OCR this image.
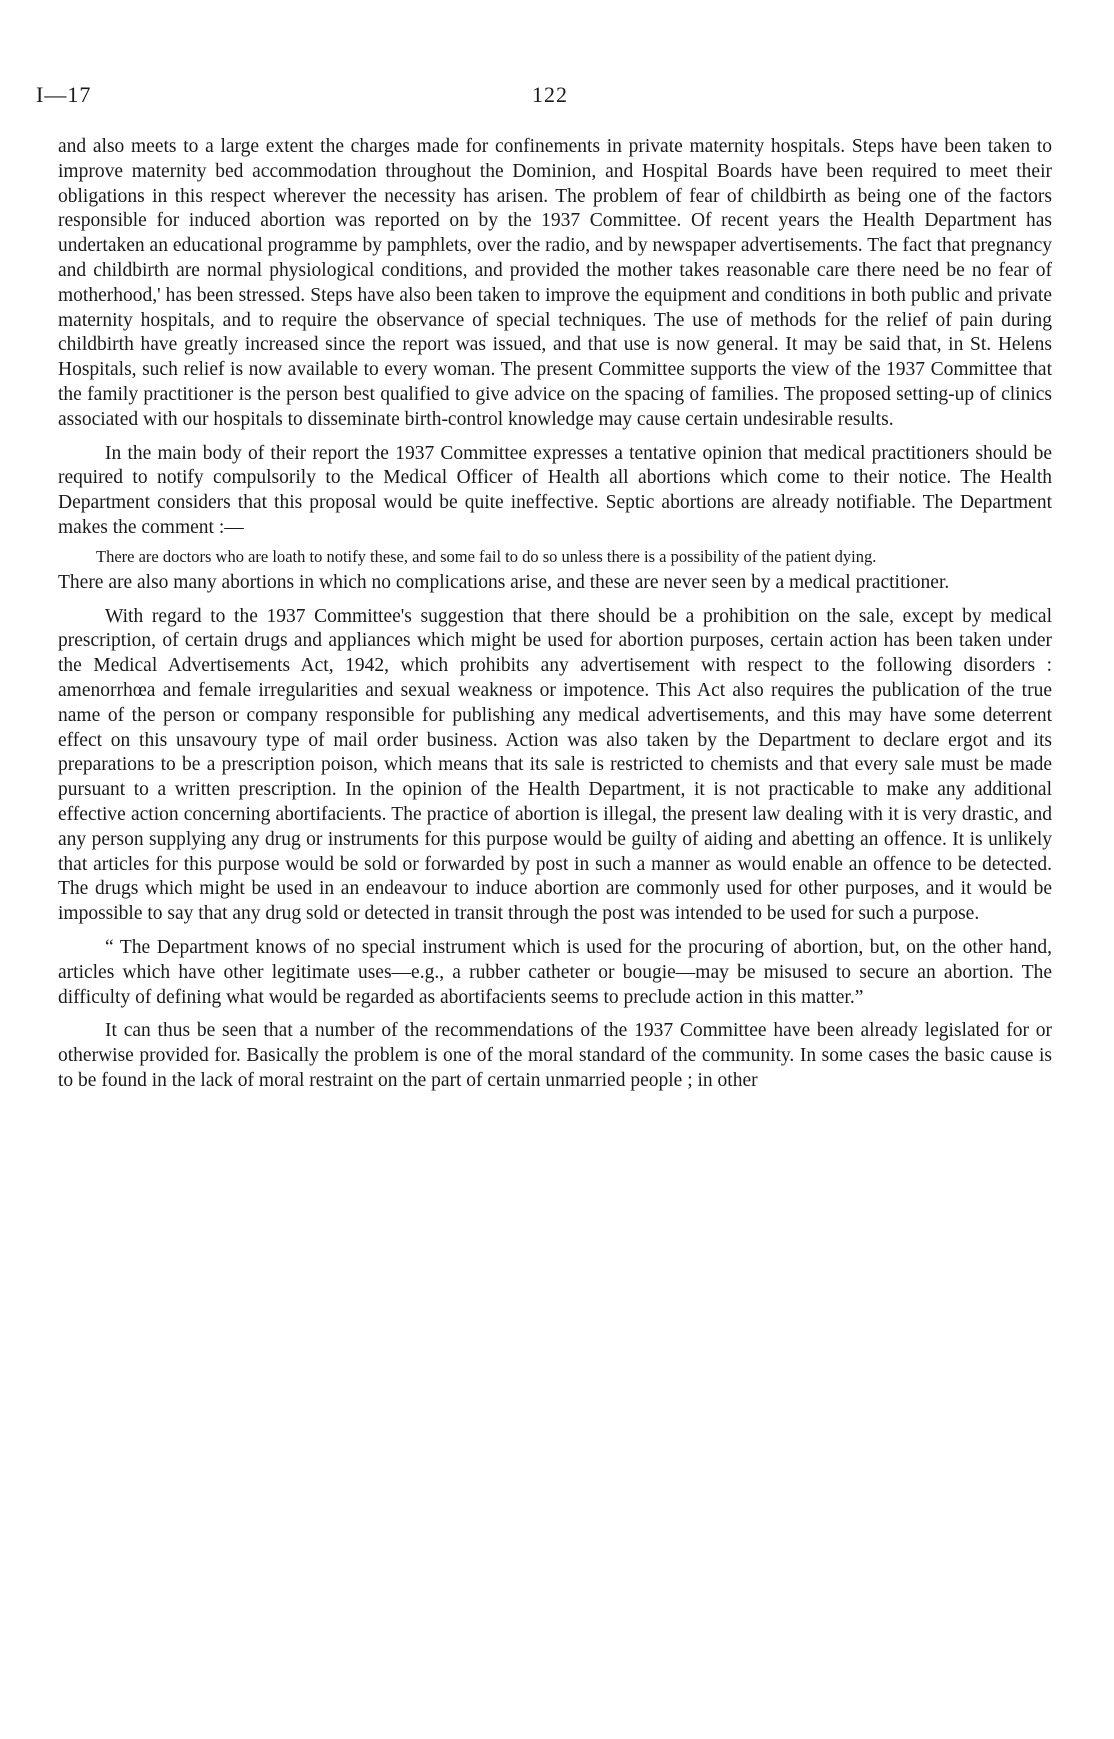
I—17	122

and also meets to a large extent the charges made for confinements in private maternity hospitals. Steps have been taken to improve maternity bed accommodation throughout the Dominion, and Hospital Boards have been required to meet their obligations in this respect wherever the necessity has arisen. The problem of fear of childbirth as being one of the factors responsible for induced abortion was reported on by the 1937 Committee. Of recent years the Health Department has undertaken an educational programme by pamphlets, over the radio, and by newspaper advertisements. The fact that pregnancy and childbirth are normal physiological conditions, and provided the mother takes reasonable care there need be no fear of motherhood,' has been stressed. Steps have also been taken to improve the equipment and conditions in both public and private maternity hospitals, and to require the observance of special techniques. The use of methods for the relief of pain during childbirth have greatly increased since the report was issued, and that use is now general. It may be said that, in St. Helens Hospitals, such relief is now available to every woman. The present Committee supports the view of the 1937 Committee that the family practitioner is the person best qualified to give advice on the spacing of families. The proposed setting-up of clinics associated with our hospitals to disseminate birth-control knowledge may cause certain undesirable results.

In the main body of their report the 1937 Committee expresses a tentative opinion that medical practitioners should be required to notify compulsorily to the Medical Officer of Health all abortions which come to their notice. The Health Department considers that this proposal would be quite ineffective. Septic abortions are already notifiable. The Department makes the comment :—

There are doctors who are loath to notify these, and some fail to do so unless there is a possibility of the patient dying.

There are also many abortions in which no complications arise, and these are never seen by a medical practitioner.

With regard to the 1937 Committee's suggestion that there should be a prohibition on the sale, except by medical prescription, of certain drugs and appliances which might be used for abortion purposes, certain action has been taken under the Medical Advertisements Act, 1942, which prohibits any advertisement with respect to the following disorders : amenorrhœa and female irregularities and sexual weakness or impotence. This Act also requires the publication of the true name of the person or company responsible for publishing any medical advertisements, and this may have some deterrent effect on this unsavoury type of mail order business. Action was also taken by the Department to declare ergot and its preparations to be a prescription poison, which means that its sale is restricted to chemists and that every sale must be made pursuant to a written prescription. In the opinion of the Health Department, it is not practicable to make any additional effective action concerning abortifacients. The practice of abortion is illegal, the present law dealing with it is very drastic, and any person supplying any drug or instruments for this purpose would be guilty of aiding and abetting an offence. It is unlikely that articles for this purpose would be sold or forwarded by post in such a manner as would enable an offence to be detected. The drugs which might be used in an endeavour to induce abortion are commonly used for other purposes, and it would be impossible to say that any drug sold or detected in transit through the post was intended to be used for such a purpose.

“ The Department knows of no special instrument which is used for the procuring of abortion, but, on the other hand, articles which have other legitimate uses—e.g., a rubber catheter or bougie—may be misused to secure an abortion. The difficulty of defining what would be regarded as abortifacients seems to preclude action in this matter.”

It can thus be seen that a number of the recommendations of the 1937 Committee have been already legislated for or otherwise provided for. Basically the problem is one of the moral standard of the community. In some cases the basic cause is to be found in the lack of moral restraint on the part of certain unmarried people ; in other
